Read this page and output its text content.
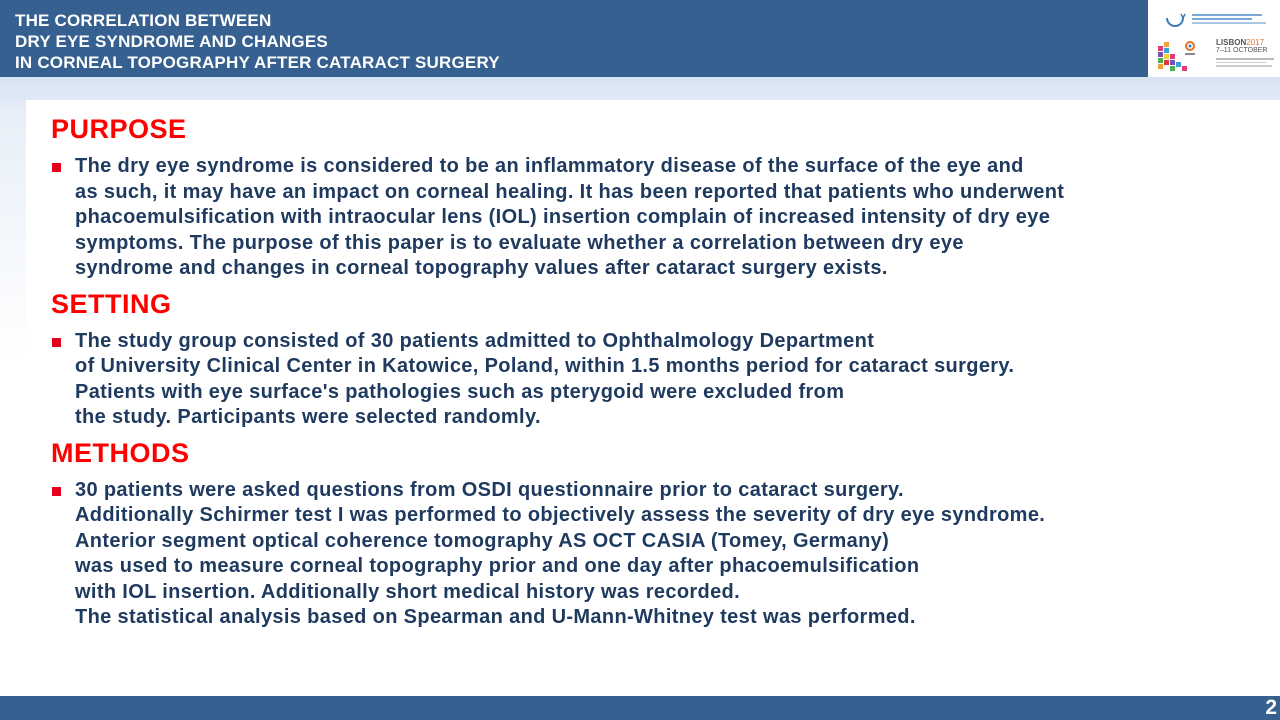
THE CORRELATION BETWEEN
DRY EYE SYNDROME AND CHANGES
IN CORNEAL TOPOGRAPHY AFTER CATARACT SURGERY
LISBON2017
7–11 OCTOBER
PURPOSE
The dry eye syndrome is considered to be an inflammatory disease of the surface of the eye and
as such, it may have an impact on corneal healing. It has been reported that patients who underwent
phacoemulsification with intraocular lens (IOL) insertion complain of increased intensity of dry eye
symptoms. The purpose of this paper is to evaluate whether a correlation between dry eye
syndrome and changes in corneal topography values after cataract surgery exists.
SETTING
The study group consisted of 30 patients admitted to Ophthalmology Department
of University Clinical Center in Katowice, Poland, within 1.5 months period for cataract surgery.
Patients with eye surface's pathologies such as pterygoid were excluded from
the study. Participants were selected randomly.
METHODS
30 patients were asked questions from OSDI questionnaire prior to cataract surgery.
Additionally Schirmer test I was performed to objectively assess the severity of dry eye syndrome.
Anterior segment optical coherence tomography AS OCT CASIA (Tomey, Germany)
was used to measure corneal topography prior and one day after phacoemulsification
with IOL insertion. Additionally short medical history was recorded.
The statistical analysis based on Spearman and U-Mann-Whitney test was performed.
2
